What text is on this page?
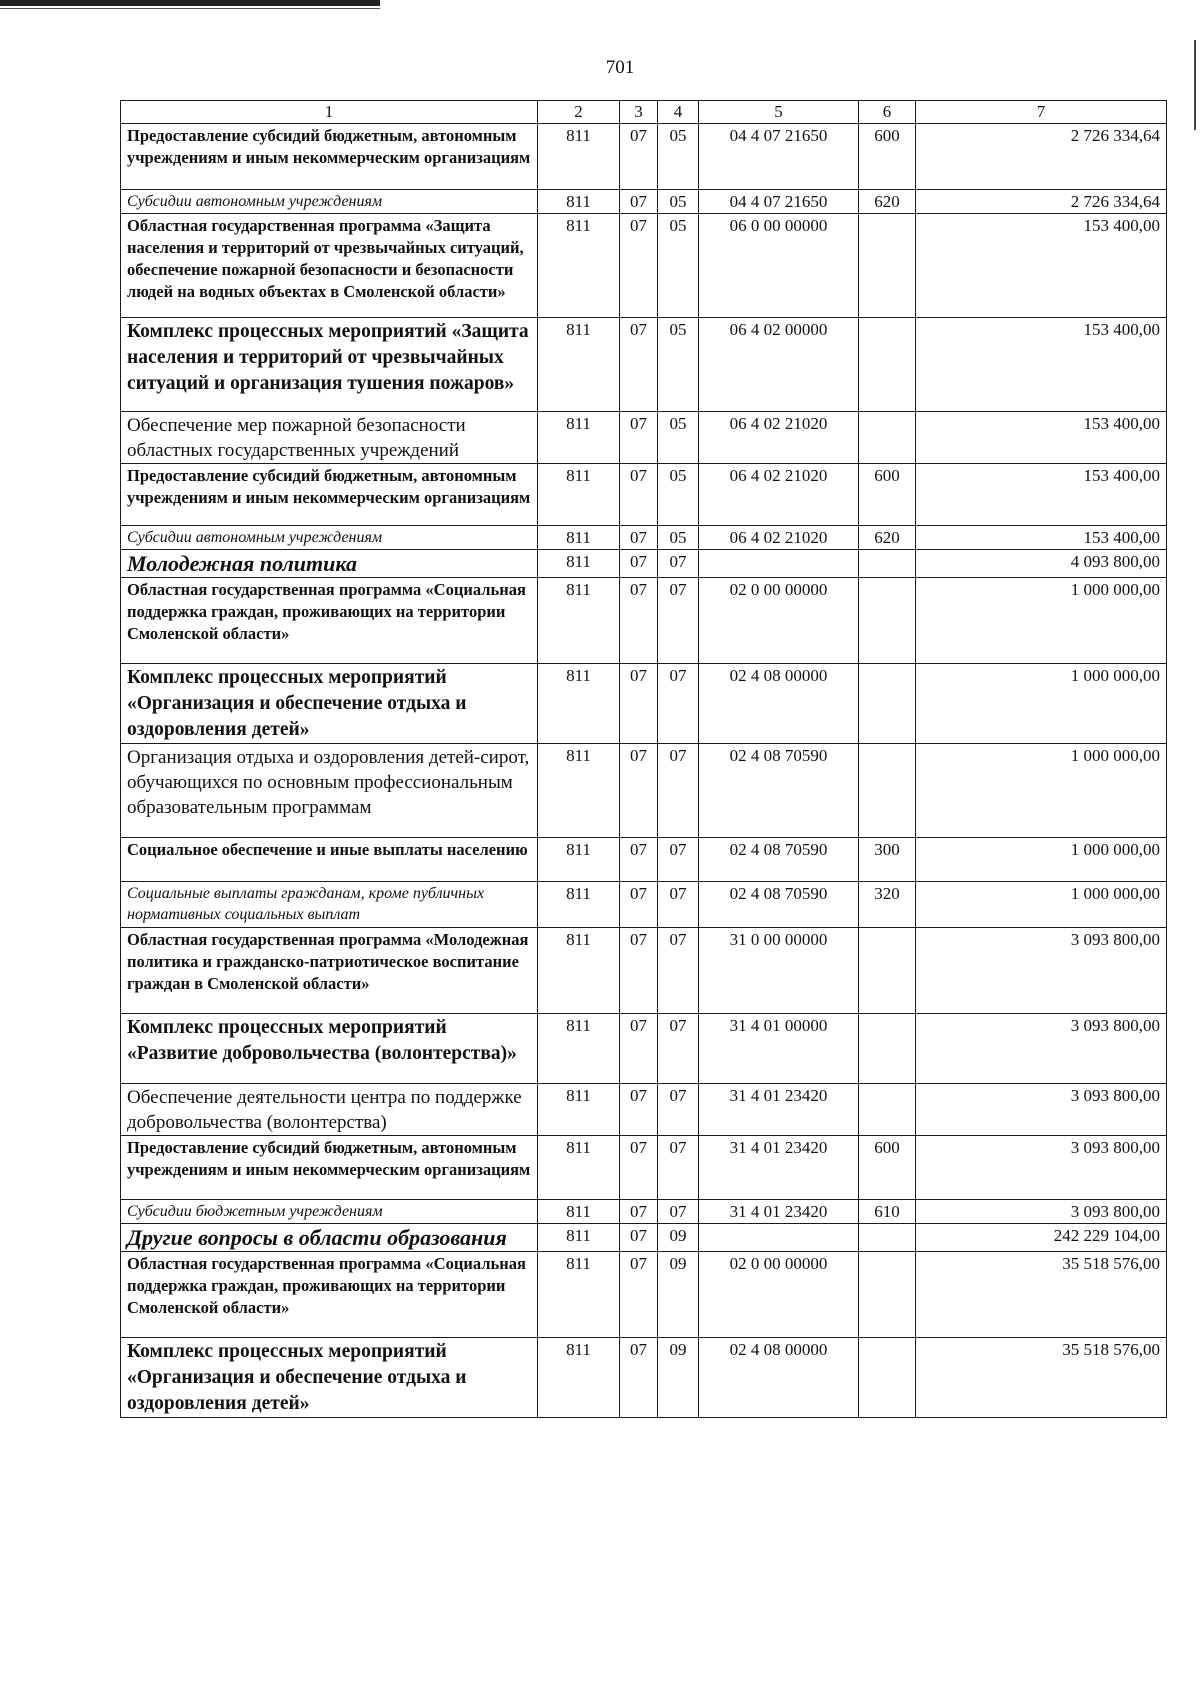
701
1	2	3	4	5	6	7
Предоставление субсидий бюджетным, автономным учреждениям и иным некоммерческим организациям	811	07	05	04 4 07 21650	600	2 726 334,64
Субсидии автономным учреждениям	811	07	05	04 4 07 21650	620	2 726 334,64
Областная государственная программа «Защита населения и территорий от чрезвычайных ситуаций, обеспечение пожарной безопасности и безопасности людей на водных объектах в Смоленской области»	811	07	05	06 0 00 00000		153 400,00
Комплекс процессных мероприятий «Защита населения и территорий от чрезвычайных ситуаций и организация тушения пожаров»	811	07	05	06 4 02 00000		153 400,00
Обеспечение мер пожарной безопасности областных государственных учреждений	811	07	05	06 4 02 21020		153 400,00
Предоставление субсидий бюджетным, автономным учреждениям и иным некоммерческим организациям	811	07	05	06 4 02 21020	600	153 400,00
Субсидии автономным учреждениям	811	07	05	06 4 02 21020	620	153 400,00
Молодежная политика	811	07	07			4 093 800,00
Областная государственная программа «Социальная поддержка граждан, проживающих на территории Смоленской области»	811	07	07	02 0 00 00000		1 000 000,00
Комплекс процессных мероприятий «Организация и обеспечение отдыха и оздоровления детей»	811	07	07	02 4 08 00000		1 000 000,00
Организация отдыха и оздоровления детей-сирот, обучающихся по основным профессиональным образовательным программам	811	07	07	02 4 08 70590		1 000 000,00
Социальное обеспечение и иные выплаты населению	811	07	07	02 4 08 70590	300	1 000 000,00
Социальные выплаты гражданам, кроме публичных нормативных социальных выплат	811	07	07	02 4 08 70590	320	1 000 000,00
Областная государственная программа «Молодежная политика и гражданско-патриотическое воспитание граждан в Смоленской области»	811	07	07	31 0 00 00000		3 093 800,00
Комплекс процессных мероприятий «Развитие добровольчества (волонтерства)»	811	07	07	31 4 01 00000		3 093 800,00
Обеспечение деятельности центра по поддержке добровольчества (волонтерства)	811	07	07	31 4 01 23420		3 093 800,00
Предоставление субсидий бюджетным, автономным учреждениям и иным некоммерческим организациям	811	07	07	31 4 01 23420	600	3 093 800,00
Субсидии бюджетным учреждениям	811	07	07	31 4 01 23420	610	3 093 800,00
Другие вопросы в области образования	811	07	09			242 229 104,00
Областная государственная программа «Социальная поддержка граждан, проживающих на территории Смоленской области»	811	07	09	02 0 00 00000		35 518 576,00
Комплекс процессных мероприятий «Организация и обеспечение отдыха и оздоровления детей»	811	07	09	02 4 08 00000		35 518 576,00
